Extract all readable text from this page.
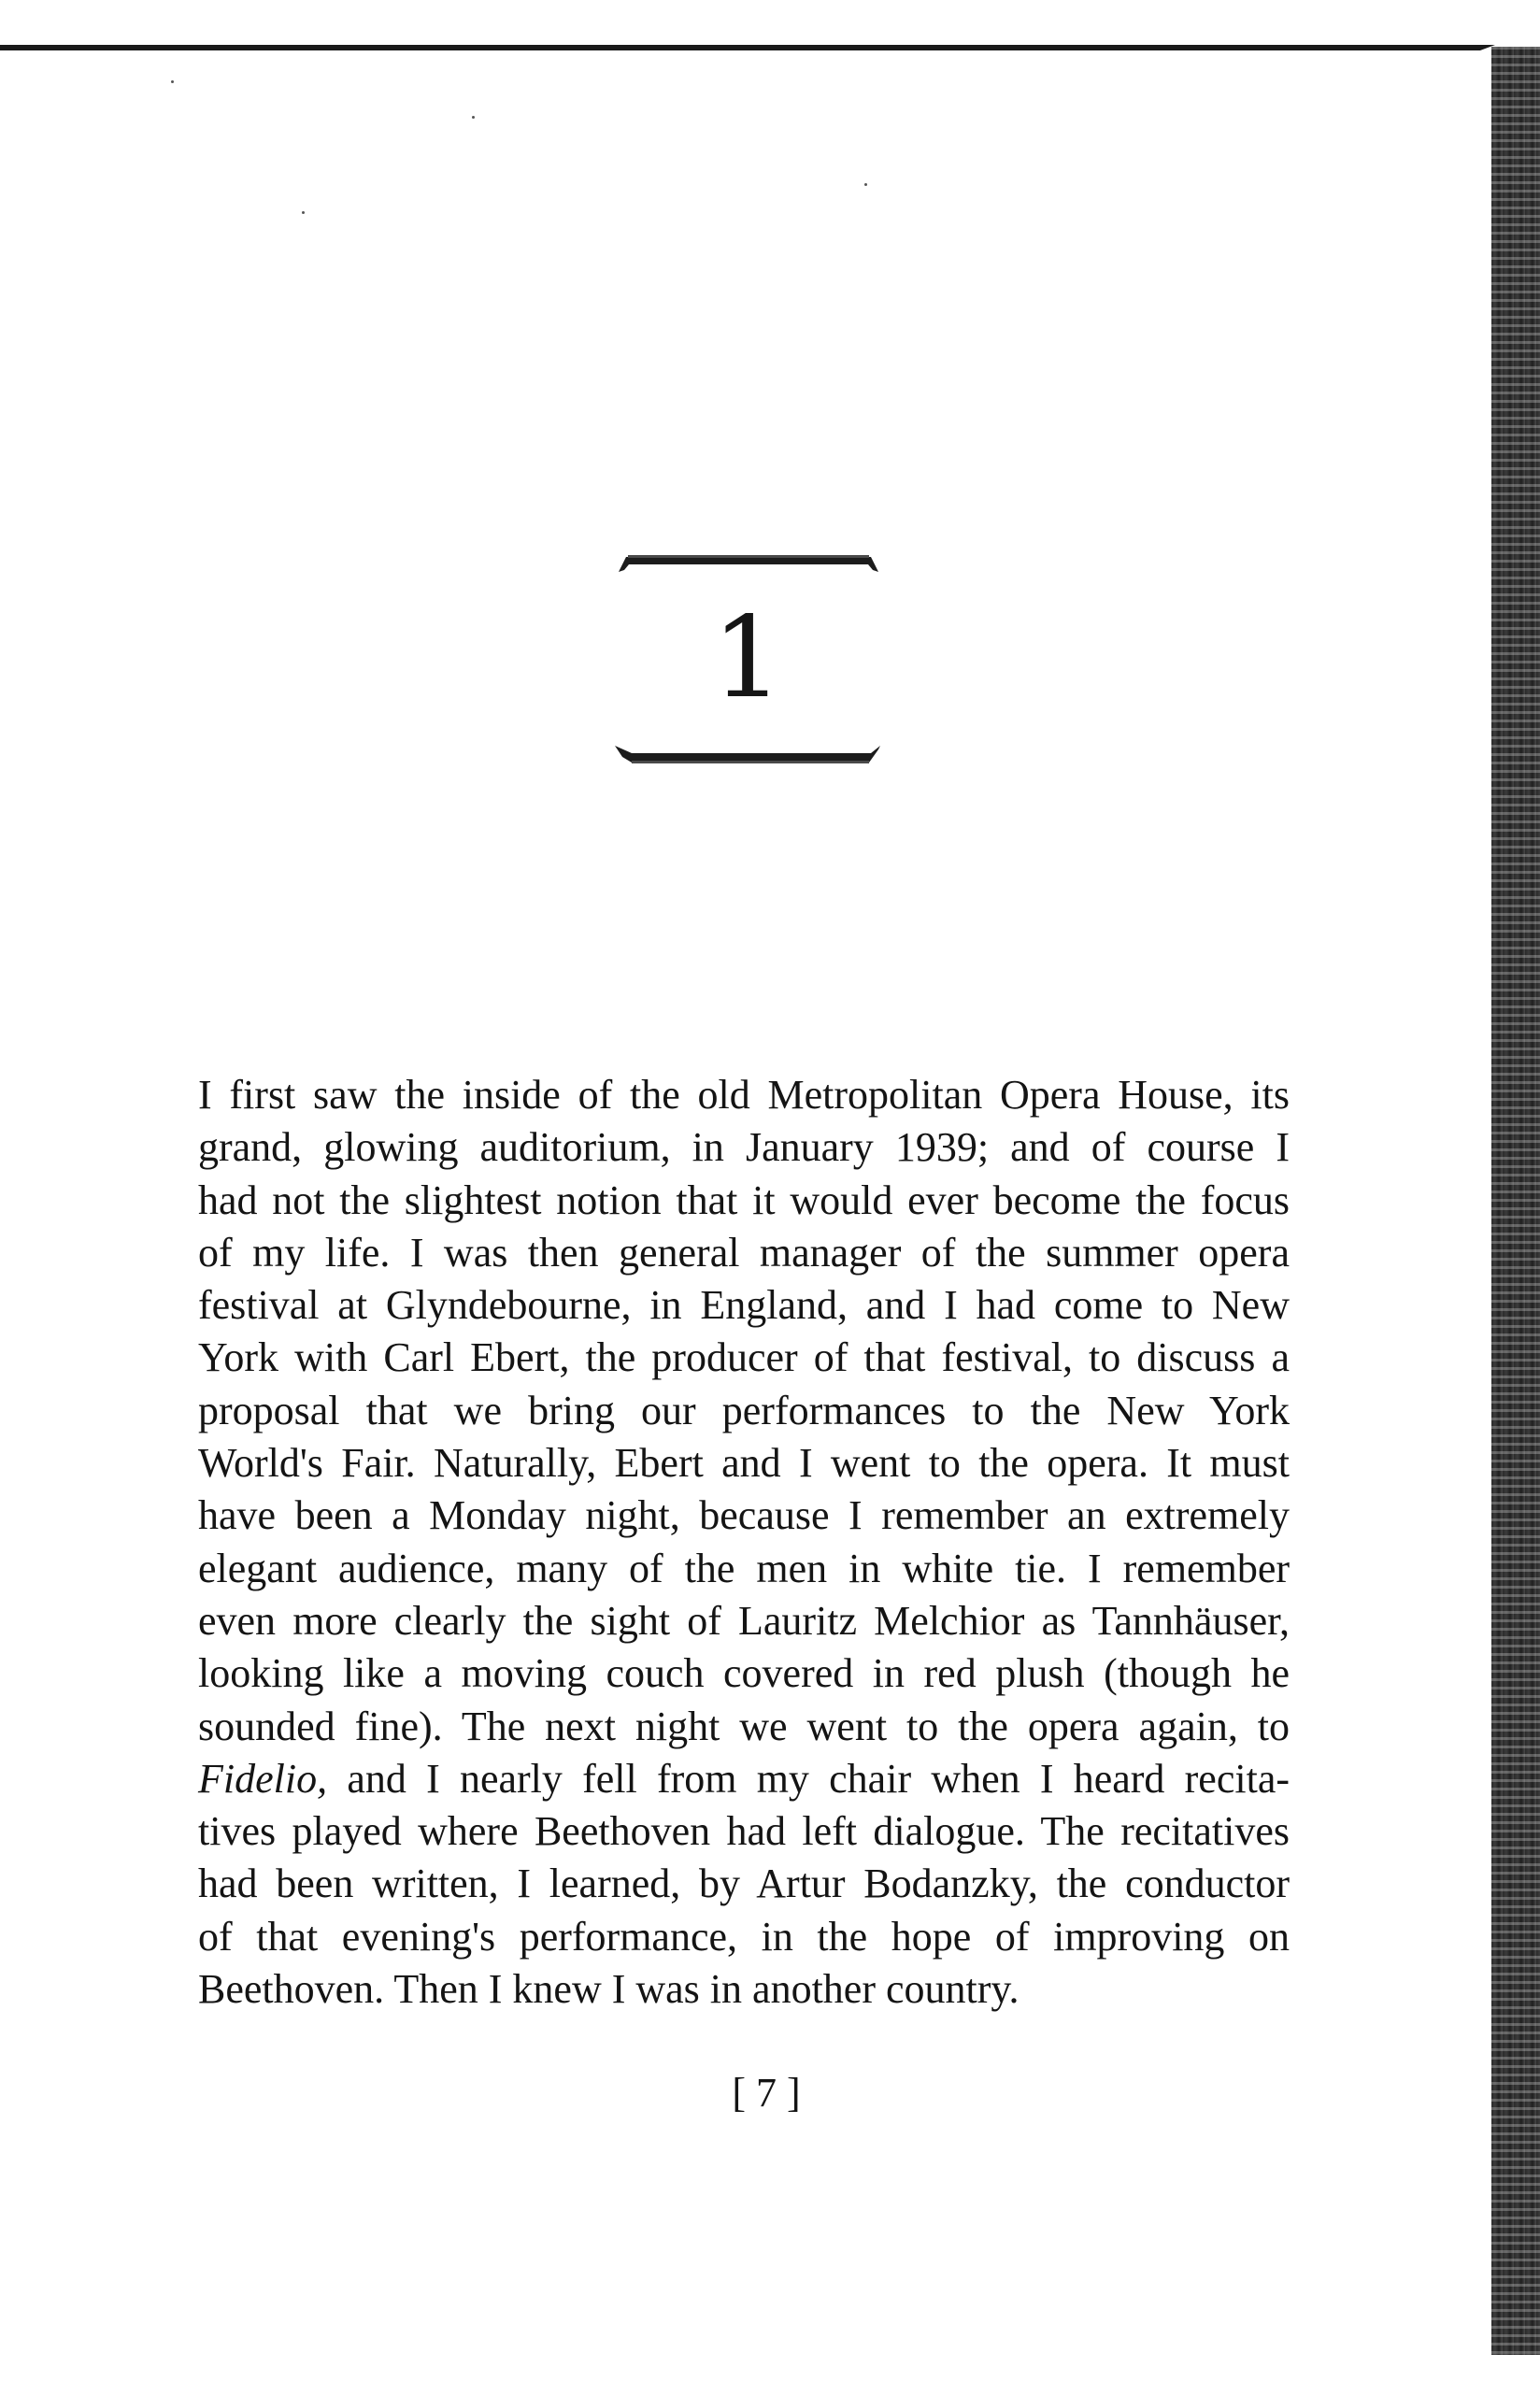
1

I first saw the inside of the old Metropolitan Opera House, its
grand, glowing auditorium, in January 1939; and of course I
had not the slightest notion that it would ever become the focus
of my life. I was then general manager of the summer opera
festival at Glyndebourne, in England, and I had come to New
York with Carl Ebert, the producer of that festival, to discuss a
proposal that we bring our performances to the New York
World's Fair. Naturally, Ebert and I went to the opera. It must
have been a Monday night, because I remember an extremely
elegant audience, many of the men in white tie. I remember
even more clearly the sight of Lauritz Melchior as Tannhäuser,
looking like a moving couch covered in red plush (though he
sounded fine). The next night we went to the opera again, to
Fidelio, and I nearly fell from my chair when I heard recita-
tives played where Beethoven had left dialogue. The recitatives
had been written, I learned, by Artur Bodanzky, the conductor
of that evening's performance, in the hope of improving on
Beethoven. Then I knew I was in another country.

[ 7 ]
